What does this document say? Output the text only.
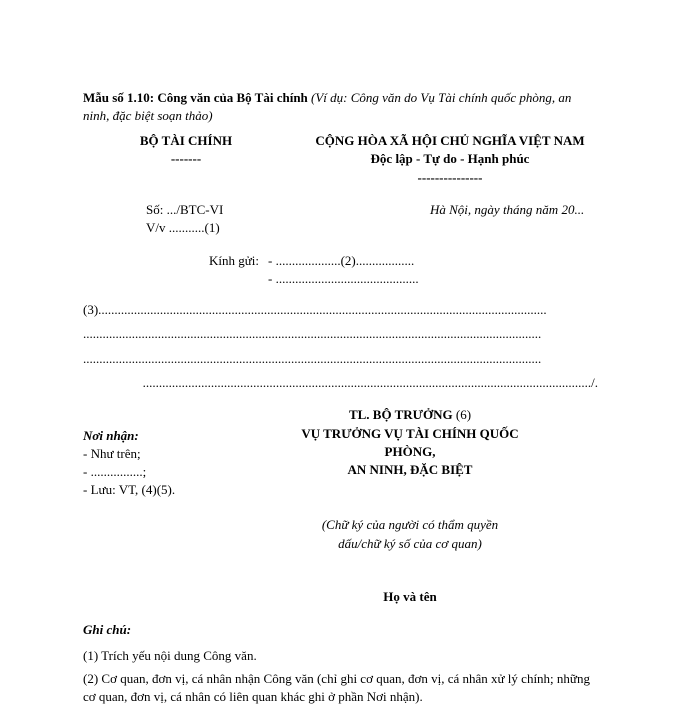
Mẫu số 1.10: Công văn của Bộ Tài chính (Ví dụ: Công văn do Vụ Tài chính quốc phòng, an
ninh, đặc biệt soạn thảo)
BỘ TÀI CHÍNH
-------
CỘNG HÒA XÃ HỘI CHỦ NGHĨA VIỆT NAM
Độc lập - Tự do - Hạnh phúc
---------------
Số: .../BTC-VI
V/v ...........(1)
Hà Nội, ngày tháng năm 20...
Kính gửi: - ....................(2)..................
- ............................................
(3)..........................................................................................................................................
.............................................................................................................................................
.............................................................................................................................................
........................................................................................................................................../.
TL. BỘ TRƯỞNG (6)
VỤ TRƯỞNG VỤ TÀI CHÍNH QUỐC
PHÒNG,
AN NINH, ĐẶC BIỆT
Nơi nhận:
- Như trên;
- ................;
- Lưu: VT, (4)(5).
(Chữ ký của người có thẩm quyền
dấu/chữ ký số của cơ quan)
Họ và tên
Ghi chú:
(1) Trích yếu nội dung Công văn.
(2) Cơ quan, đơn vị, cá nhân nhận Công văn (chỉ ghi cơ quan, đơn vị, cá nhân xử lý chính; những
cơ quan, đơn vị, cá nhân có liên quan khác ghi ở phần Nơi nhận).
